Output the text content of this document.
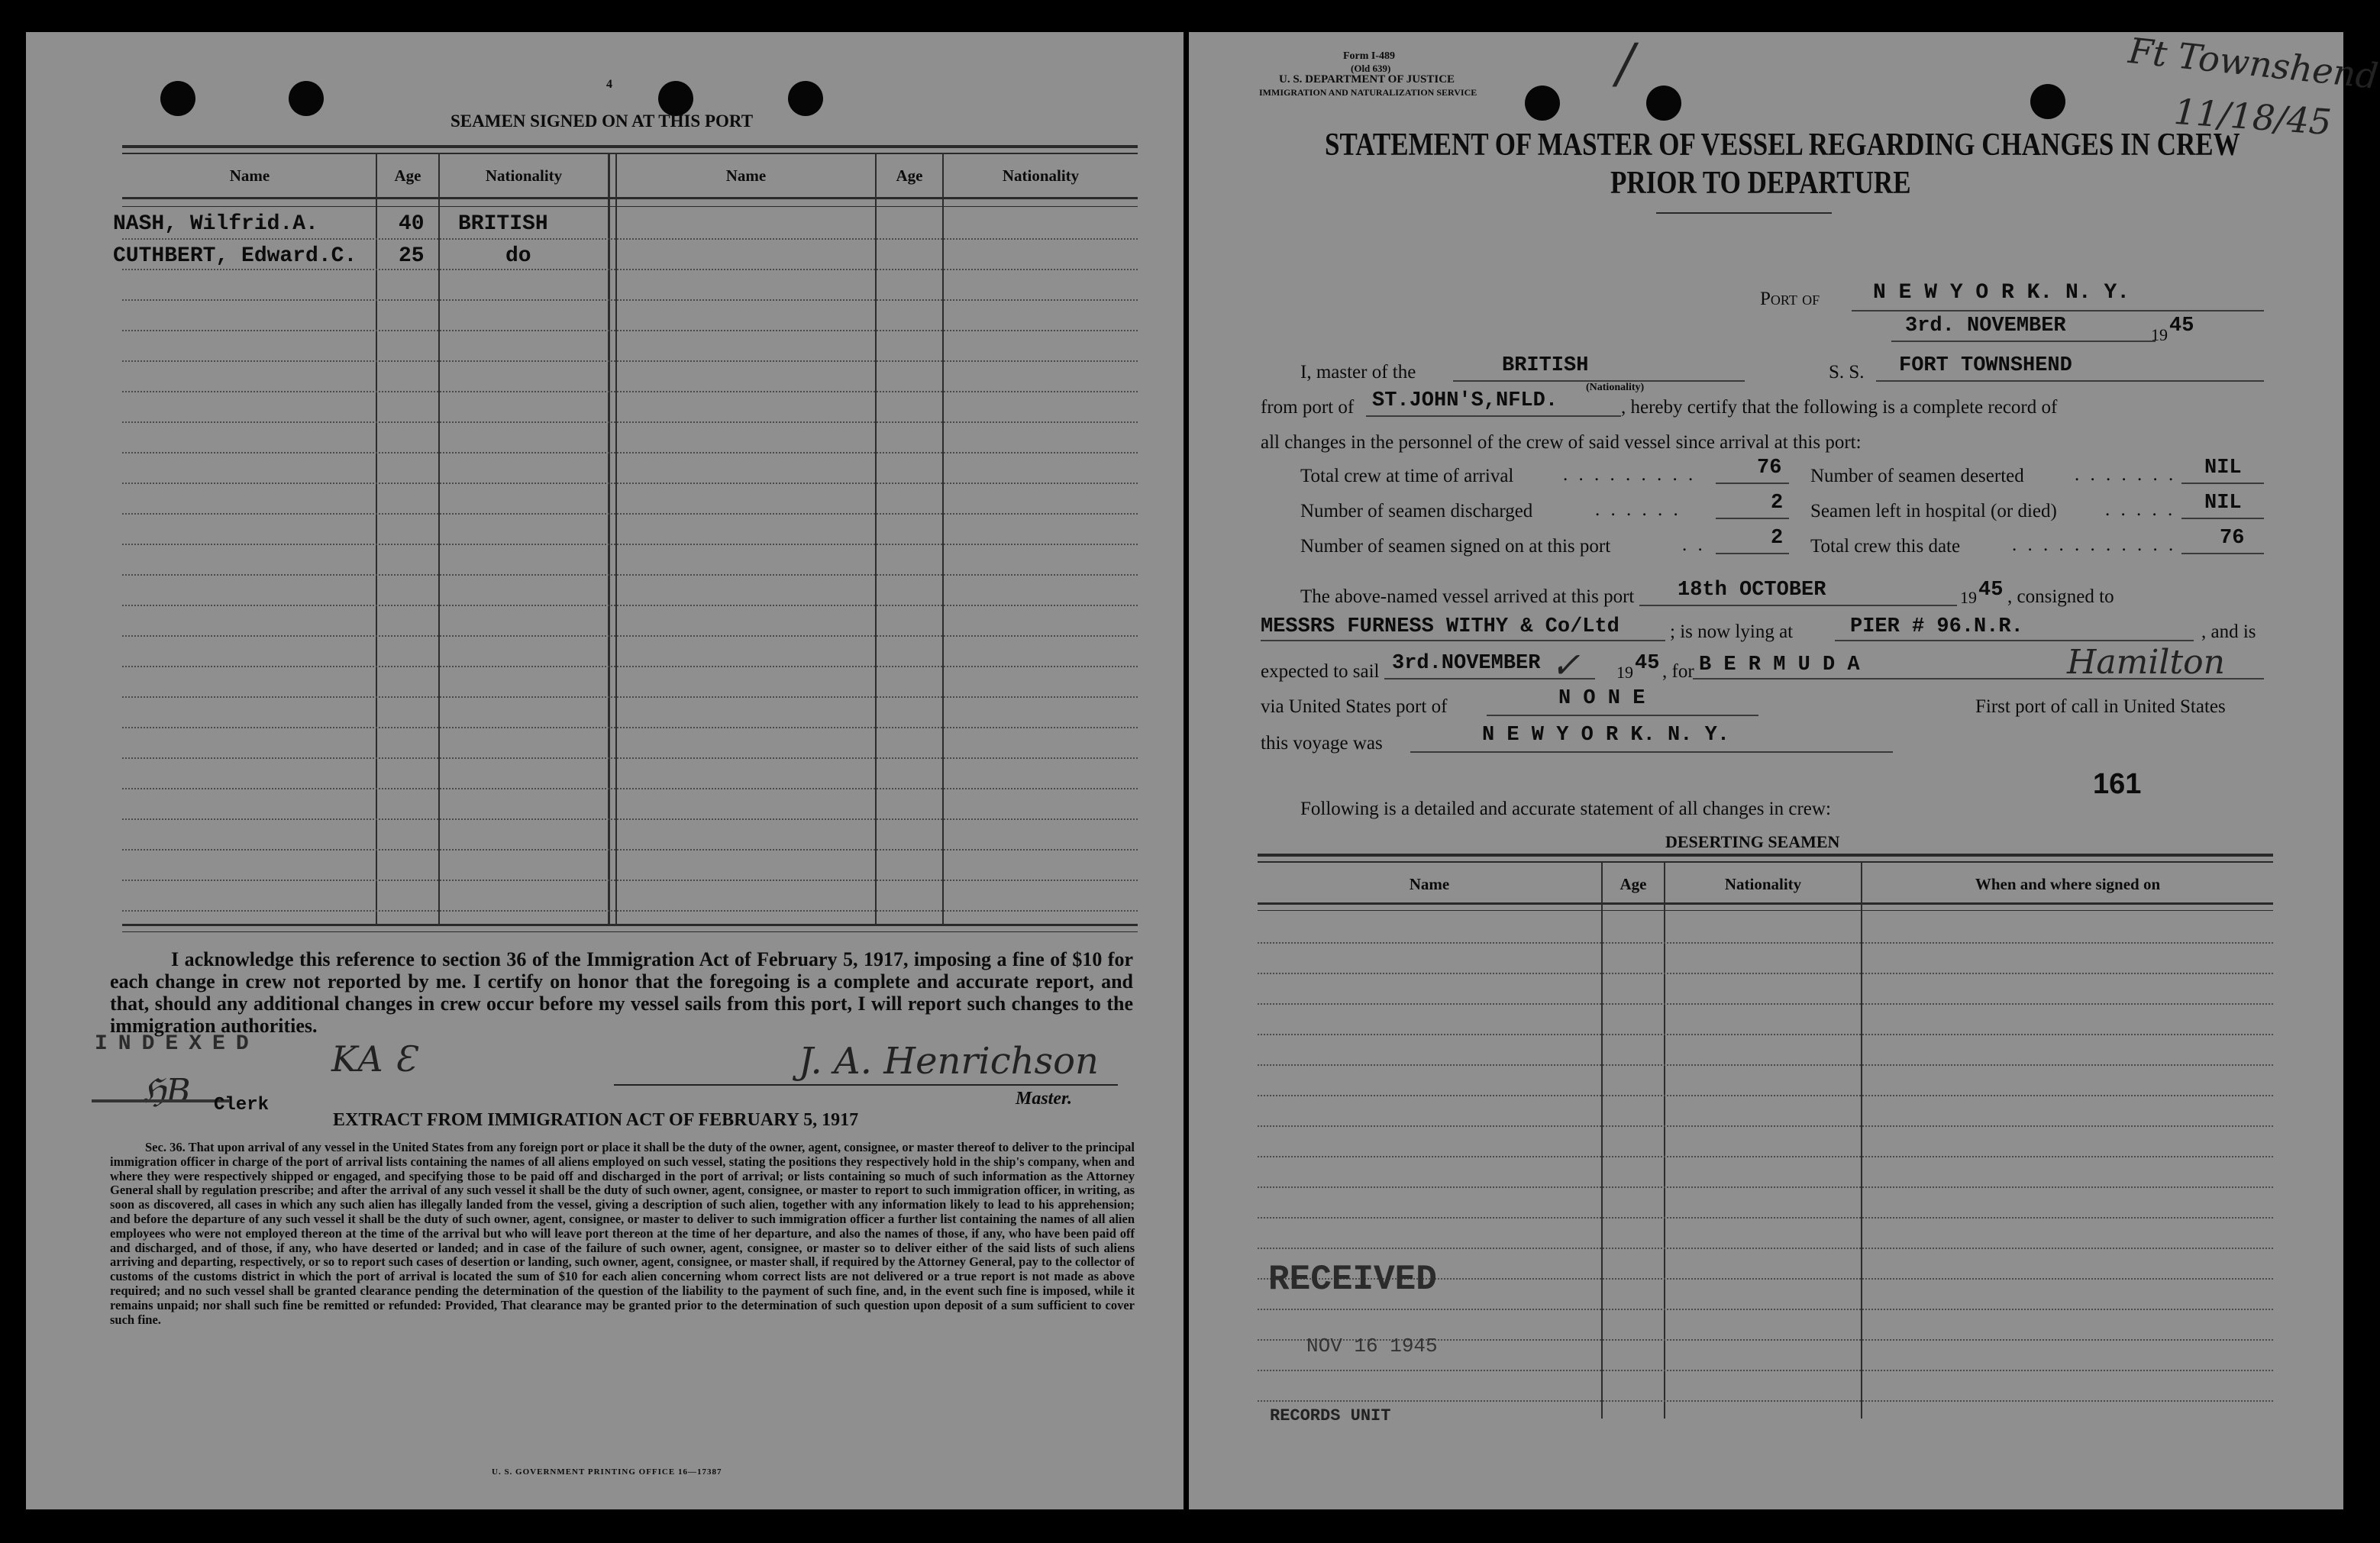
4
SEAMEN SIGNED ON AT THIS PORT
Name	Age	Nationality	Name	Age	Nationality
NASH, Wilfrid.A.	40 BRITISH
CUTHBERT, Edward.C. 25	do
I acknowledge this reference to section 36 of the Immigration Act of February 5, 1917, imposing a fine of $10 for each change in crew not reported by me. I certify on honor that the foregoing is a complete and accurate report, and that, should any additional changes in crew occur before my vessel sails from this port, I will report such changes to the immigration authorities.
INDEXED KA Ɛ
ℌB Clerk
J. A. Henrichson
Master.
EXTRACT FROM IMMIGRATION ACT OF FEBRUARY 5, 1917
Sec. 36. That upon arrival of any vessel in the United States from any foreign port or place it shall be the duty of the owner, agent, consignee, or master thereof to deliver to the principal immigration officer in charge of the port of arrival lists containing the names of all aliens employed on such vessel, stating the positions they respectively hold in the ship's company, when and where they were respectively shipped or engaged, and specifying those to be paid off and discharged in the port of arrival; or lists containing so much of such information as the Attorney General shall by regulation prescribe; and after the arrival of any such vessel it shall be the duty of such owner, agent, consignee, or master to report to such immigration officer, in writing, as soon as discovered, all cases in which any such alien has illegally landed from the vessel, giving a description of such alien, together with any information likely to lead to his apprehension; and before the departure of any such vessel it shall be the duty of such owner, agent, consignee, or master to deliver to such immigration officer a further list containing the names of all alien employees who were not employed thereon at the time of the arrival but who will leave port thereon at the time of her departure, and also the names of those, if any, who have been paid off and discharged, and of those, if any, who have deserted or landed; and in case of the failure of such owner, agent, consignee, or master so to deliver either of the said lists of such aliens arriving and departing, respectively, or so to report such cases of desertion or landing, such owner, agent, consignee, or master shall, if required by the Attorney General, pay to the collector of customs of the customs district in which the port of arrival is located the sum of $10 for each alien concerning whom correct lists are not delivered or a true report is not made as above required; and no such vessel shall be granted clearance pending the determination of the question of the liability to the payment of such fine, and, in the event such fine is imposed, while it remains unpaid; nor shall such fine be remitted or refunded: Provided, That clearance may be granted prior to the determination of such question upon deposit of a sum sufficient to cover such fine.
U. S. GOVERNMENT PRINTING OFFICE 16—17387
Form I-489
(Old 639)
U. S. DEPARTMENT OF JUSTICE
IMMIGRATION AND NATURALIZATION SERVICE	/	Ft Townshend
11/18/45
STATEMENT OF MASTER OF VESSEL REGARDING CHANGES IN CREW
PRIOR TO DEPARTURE
Port of N E W Y O R K. N. Y.
3rd. NOVEMBER	19 45
I, master of the	BRITISH
(Nationality)
S. S. FORT TOWNSHEND
from port of ST.JOHN'S,NFLD.	, hereby certify that the following is a complete record of
all changes in the personnel of the crew of said vessel since arrival at this port:
Total crew at time of arrival	. . . . . . . . .	76
Number of seamen discharged	. . . . . .	2
Number of seamen signed on at this port	. .	2
Number of seamen deserted	. . . . . . . NIL
Seamen left in hospital (or died)	. . . . . NIL
Total crew this date	. . . . . . . . . . . 76
The above-named vessel arrived at this port 18th OCTOBER	19 45 , consigned to
MESSRS FURNESS WITHY & Co/Ltd	; is now lying at	PIER # 96.N.R.	, and is
expected to sail 3rd.NOVEMBER ✓ 19 45 , for B E R M U D A	Hamilton
via United States port of	N O N E	First port of call in United States
this voyage was	N E W Y O R K. N. Y.
Following is a detailed and accurate statement of all changes in crew:
161
DESERTING SEAMEN
Name	Age	Nationality	When and where signed on
RECEIVED
NOV 16 1945
RECORDS UNIT
